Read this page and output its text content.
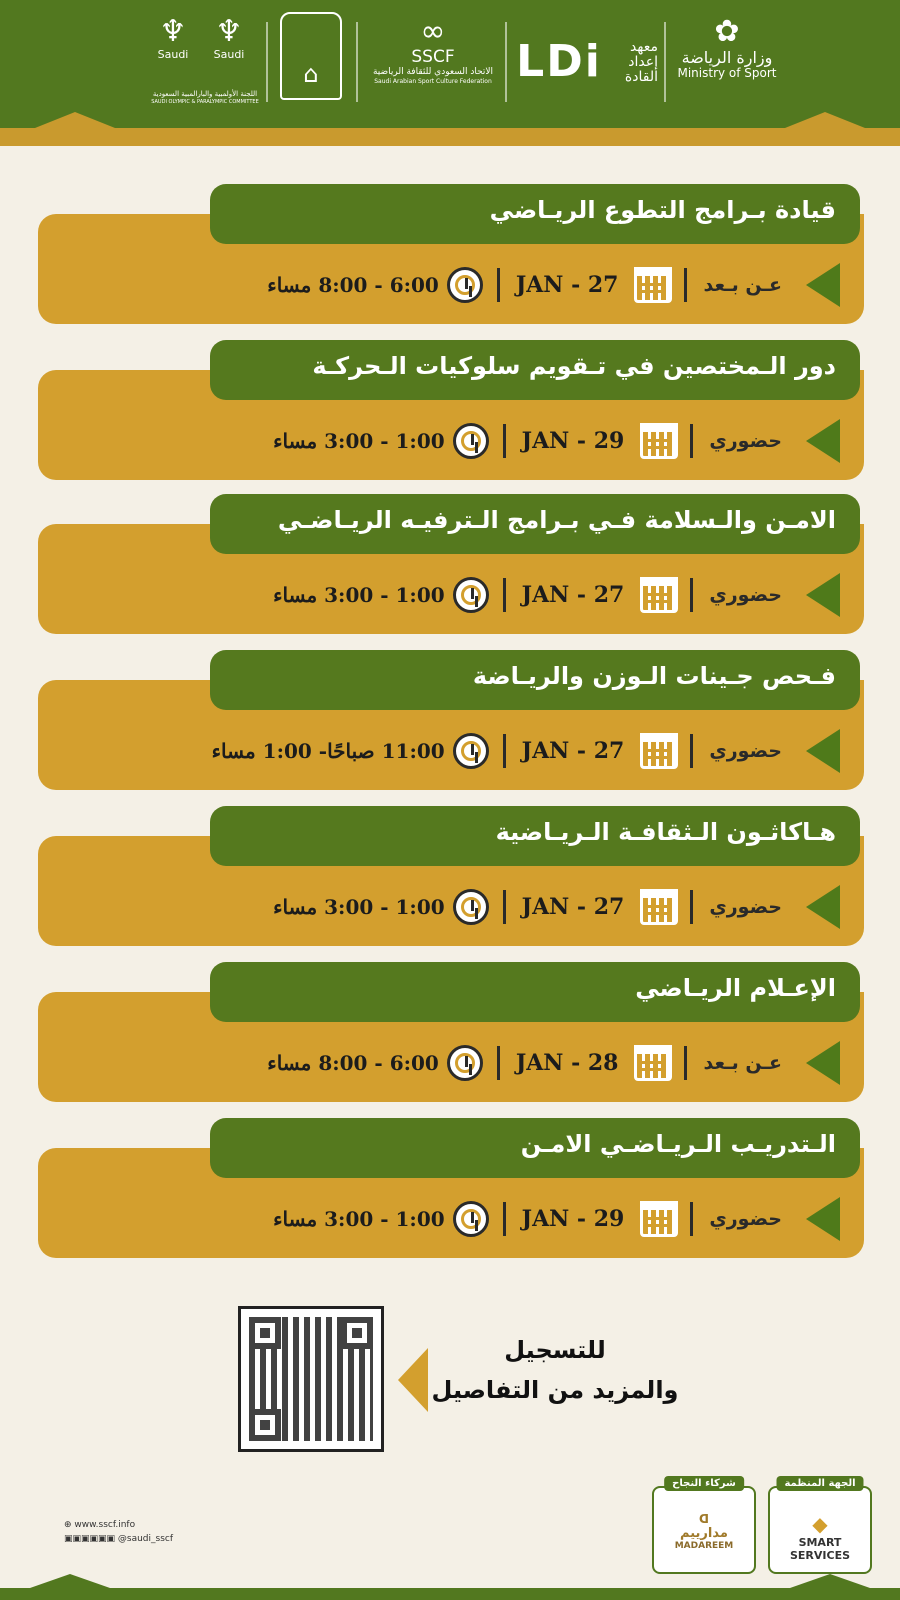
♆
Saudi
♆
Saudi
اللجنة الأولمبية والبارالمبية السعودية
SAUDI OLYMPIC & PARALYMPIC COMMITTEE
⌂
∞
SSCF
الاتحاد السعودي للثقافة الرياضية
Saudi Arabian Sport Culture Federation LDi	معهد
إعداد
القادة
✿
وزارة الرياضة
Ministry of Sport
قيادة بـرامج التطوع الريـاضي
عـن بـعد
JAN - 27
6:00 - 8:00 مساء
دور الـمختصين في تـقويم سلوكيات الـحركـة
حضوري
JAN - 29
1:00 - 3:00 مساء
الامـن والـسلامة فـي بـرامج الـترفيـه الريـاضـي
حضوري
JAN - 27
1:00 - 3:00 مساء
فـحص جـينات الـوزن والريـاضة
حضوري
JAN - 27
11:00 صباحًا- 1:00 مساء
هـاكاثـون الـثقافـة الـريـاضية
حضوري
JAN - 27
1:00 - 3:00 مساء
الإعـلام الريـاضي
عـن بـعد
JAN - 28
6:00 - 8:00 مساء
الـتدريـب الـريـاضـي الامـن
حضوري
JAN - 29
1:00 - 3:00 مساء
للتسجيل
والمزيد من التفاصيل
⊕ www.sscf.info
▣▣▣▣▣▣ @saudi_sscf
شركاء النجاح
ᗡ
مدارييم
MADAREEM
الجهة المنظمة
◆
SMART SERVICES
